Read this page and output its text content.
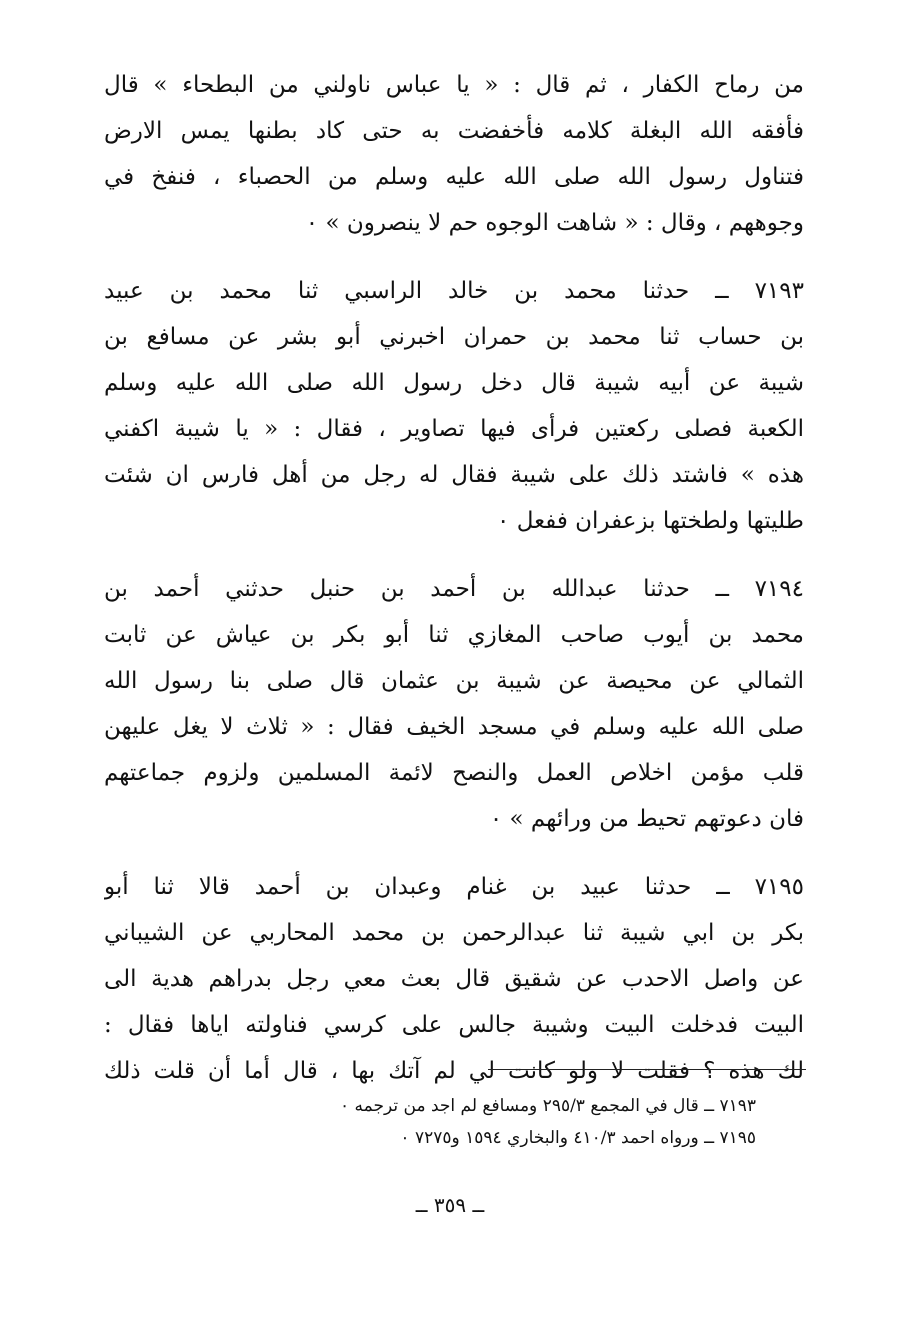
من رماح الكفار ، ثم قال : « يا عباس ناولني من البطحاء » قال
فأفقه الله البغلة كلامه فأخفضت به حتى كاد بطنها يمس الارض
فتناول رسول الله صلى الله عليه وسلم من الحصباء ، فنفخ في
وجوههم ، وقال : « شاهت الوجوه حم لا ينصرون » ٠
٧١٩٣ ــ حدثنا محمد بن خالد الراسبي ثنا محمد بن عبيد
بن حساب ثنا محمد بن حمران اخبرني أبو بشر عن مسافع بن
شيبة عن أبيه شيبة قال دخل رسول الله صلى الله عليه وسلم
الكعبة فصلى ركعتين فرأى فيها تصاوير ، فقال : « يا شيبة اكفني
هذه » فاشتد ذلك على شيبة فقال له رجل من أهل فارس ان شئت
طليتها ولطختها بزعفران ففعل ٠
٧١٩٤ ــ حدثنا عبدالله بن أحمد بن حنبل حدثني أحمد بن
محمد بن أيوب صاحب المغازي ثنا أبو بكر بن عياش عن ثابت
الثمالي عن محيصة عن شيبة بن عثمان قال صلى بنا رسول الله
صلى الله عليه وسلم في مسجد الخيف فقال : « ثلاث لا يغل عليهن
قلب مؤمن اخلاص العمل والنصح لائمة المسلمين ولزوم جماعتهم
فان دعوتهم تحيط من ورائهم » ٠
٧١٩٥ ــ حدثنا عبيد بن غنام وعبدان بن أحمد قالا ثنا أبو
بكر بن ابي شيبة ثنا عبدالرحمن بن محمد المحاربي عن الشيباني
عن واصل الاحدب عن شقيق قال بعث معي رجل بدراهم هدية الى
البيت فدخلت البيت وشيبة جالس على كرسي فناولته اياها فقال :
لك هذه ؟ فقلت لا ولو كانت لي لم آتك بها ، قال أما أن قلت ذلك
٧١٩٣ ــ قال في المجمع ٢٩٥/٣ ومسافع لم اجد من ترجمه ٠
٧١٩٥ ــ ورواه احمد ٤١٠/٣ والبخاري ١٥٩٤ و٧٢٧٥ ٠
ــ ٣٥٩ ــ
